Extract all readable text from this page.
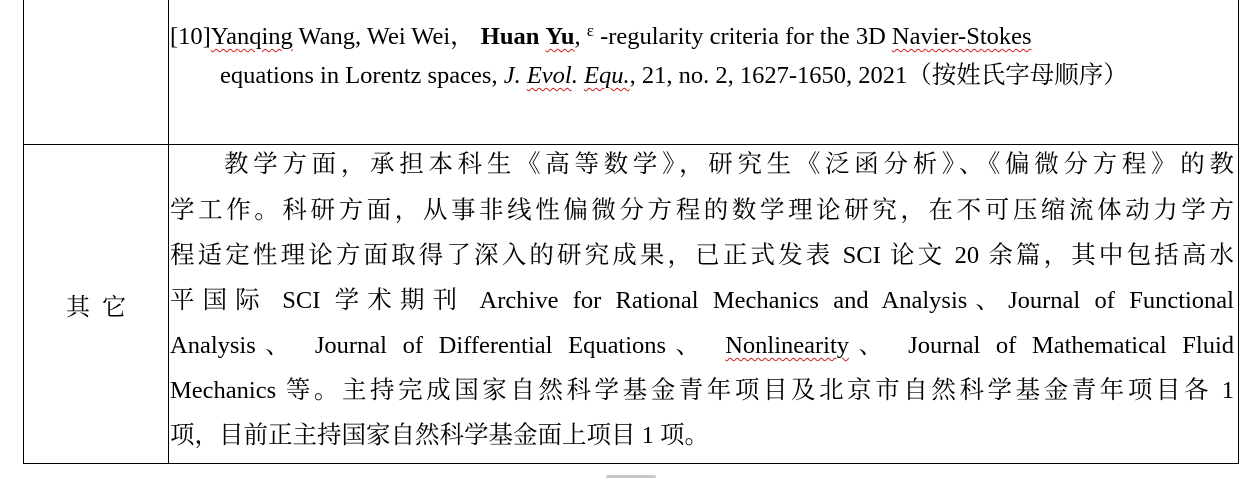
[10]Yanqing Wang, Wei Wei， Huan Yu, $^\varepsilon$ -regularity criteria for the 3D Navier-Stokes
equations in Lorentz spaces, J. Evol. Equ., 21, no. 2, 1627-1650, 2021（按姓氏字母顺序）
其它
教学方面，承担本科生《高等数学》，研究生《泛函分析》、《偏微分方程》的教
学工作。科研方面，从事非线性偏微分方程的数学理论研究，在不可压缩流体动力学方
程适定性理论方面取得了深入的研究成果，已正式发表 SCI 论文 20 余篇，其中包括高水
平国际 SCI 学术期刊 Archive for Rational Mechanics and Analysis、Journal of Functional
Analysis、 Journal of Differential Equations、 Nonlinearity、 Journal of Mathematical Fluid
Mechanics 等。主持完成国家自然科学基金青年项目及北京市自然科学基金青年项目各 1
项，目前正主持国家自然科学基金面上项目 1 项。
